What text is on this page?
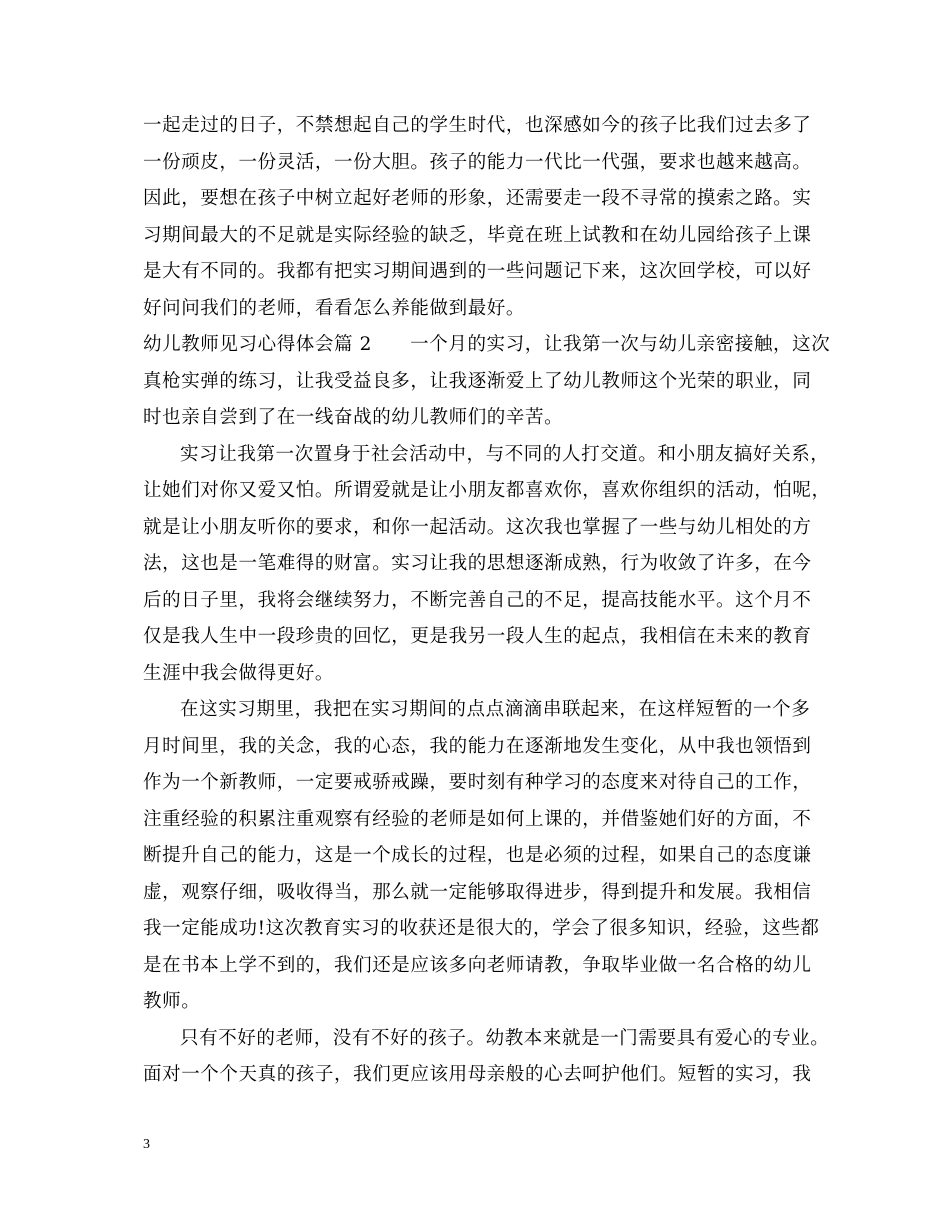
一起走过的日子，不禁想起自己的学生时代，也深感如今的孩子比我们过去多了
一份顽皮，一份灵活，一份大胆。孩子的能力一代比一代强，要求也越来越高。
因此，要想在孩子中树立起好老师的形象，还需要走一段不寻常的摸索之路。实
习期间最大的不足就是实际经验的缺乏，毕竟在班上试教和在幼儿园给孩子上课
是大有不同的。我都有把实习期间遇到的一些问题记下来，这次回学校，可以好
好问问我们的老师，看看怎么养能做到最好。
幼儿教师见习心得体会篇 2　　一个月的实习，让我第一次与幼儿亲密接触，这次
真枪实弹的练习，让我受益良多，让我逐渐爱上了幼儿教师这个光荣的职业，同
时也亲自尝到了在一线奋战的幼儿教师们的辛苦。
实习让我第一次置身于社会活动中，与不同的人打交道。和小朋友搞好关系，
让她们对你又爱又怕。所谓爱就是让小朋友都喜欢你，喜欢你组织的活动，怕呢，
就是让小朋友听你的要求，和你一起活动。这次我也掌握了一些与幼儿相处的方
法，这也是一笔难得的财富。实习让我的思想逐渐成熟，行为收敛了许多，在今
后的日子里，我将会继续努力，不断完善自己的不足，提高技能水平。这个月不
仅是我人生中一段珍贵的回忆，更是我另一段人生的起点，我相信在未来的教育
生涯中我会做得更好。
在这实习期里，我把在实习期间的点点滴滴串联起来，在这样短暂的一个多
月时间里，我的关念，我的心态，我的能力在逐渐地发生变化，从中我也领悟到
作为一个新教师，一定要戒骄戒躁，要时刻有种学习的态度来对待自己的工作，
注重经验的积累注重观察有经验的老师是如何上课的，并借鉴她们好的方面，不
断提升自己的能力，这是一个成长的过程，也是必须的过程，如果自己的态度谦
虚，观察仔细，吸收得当，那么就一定能够取得进步，得到提升和发展。我相信
我一定能成功!这次教育实习的收获还是很大的，学会了很多知识，经验，这些都
是在书本上学不到的，我们还是应该多向老师请教，争取毕业做一名合格的幼儿
教师。
只有不好的老师，没有不好的孩子。幼教本来就是一门需要具有爱心的专业。
面对一个个天真的孩子，我们更应该用母亲般的心去呵护他们。短暂的实习，我
3
